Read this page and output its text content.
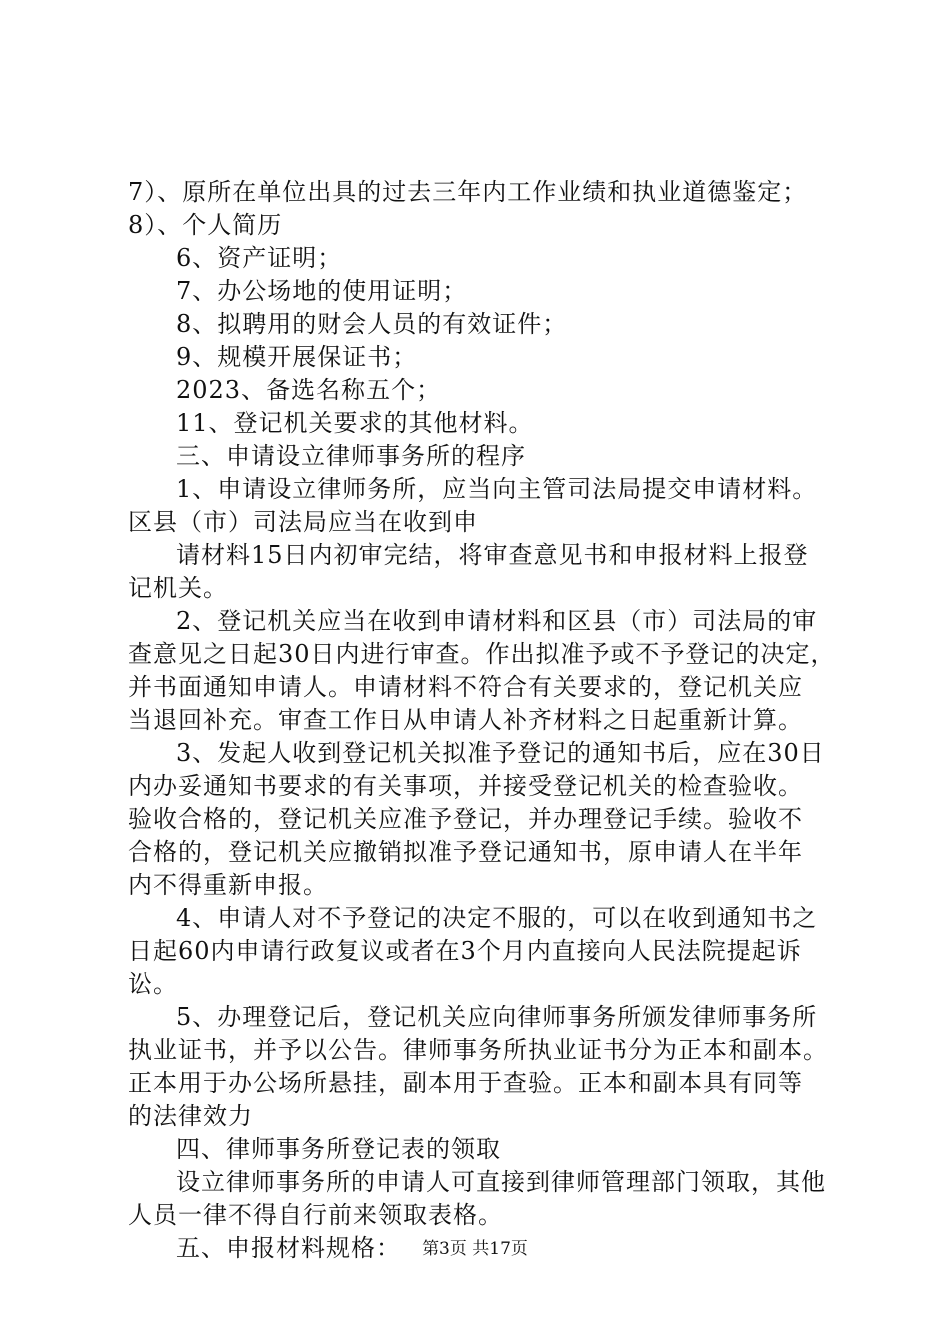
7）、原所在单位出具的过去三年内工作业绩和执业道德鉴定；
8）、个人简历
6、资产证明；
7、办公场地的使用证明；
8、拟聘用的财会人员的有效证件；
9、规模开展保证书；
2023、备选名称五个；
11、登记机关要求的其他材料。
三、申请设立律师事务所的程序
1、申请设立律师务所，应当向主管司法局提交申请材料。
区县（市）司法局应当在收到申
请材料15日内初审完结，将审查意见书和申报材料上报登
记机关。
2、登记机关应当在收到申请材料和区县（市）司法局的审
查意见之日起30日内进行审查。作出拟准予或不予登记的决定，
并书面通知申请人。申请材料不符合有关要求的，登记机关应
当退回补充。审查工作日从申请人补齐材料之日起重新计算。
3、发起人收到登记机关拟准予登记的通知书后，应在30日
内办妥通知书要求的有关事项，并接受登记机关的检查验收。
验收合格的，登记机关应准予登记，并办理登记手续。验收不
合格的，登记机关应撤销拟准予登记通知书，原申请人在半年
内不得重新申报。
4、申请人对不予登记的决定不服的，可以在收到通知书之
日起60内申请行政复议或者在3个月内直接向人民法院提起诉
讼。
5、办理登记后，登记机关应向律师事务所颁发律师事务所
执业证书，并予以公告。律师事务所执业证书分为正本和副本。
正本用于办公场所悬挂，副本用于查验。正本和副本具有同等
的法律效力
四、律师事务所登记表的领取
设立律师事务所的申请人可直接到律师管理部门领取，其他
人员一律不得自行前来领取表格。
五、申报材料规格：	第3页 共17页
